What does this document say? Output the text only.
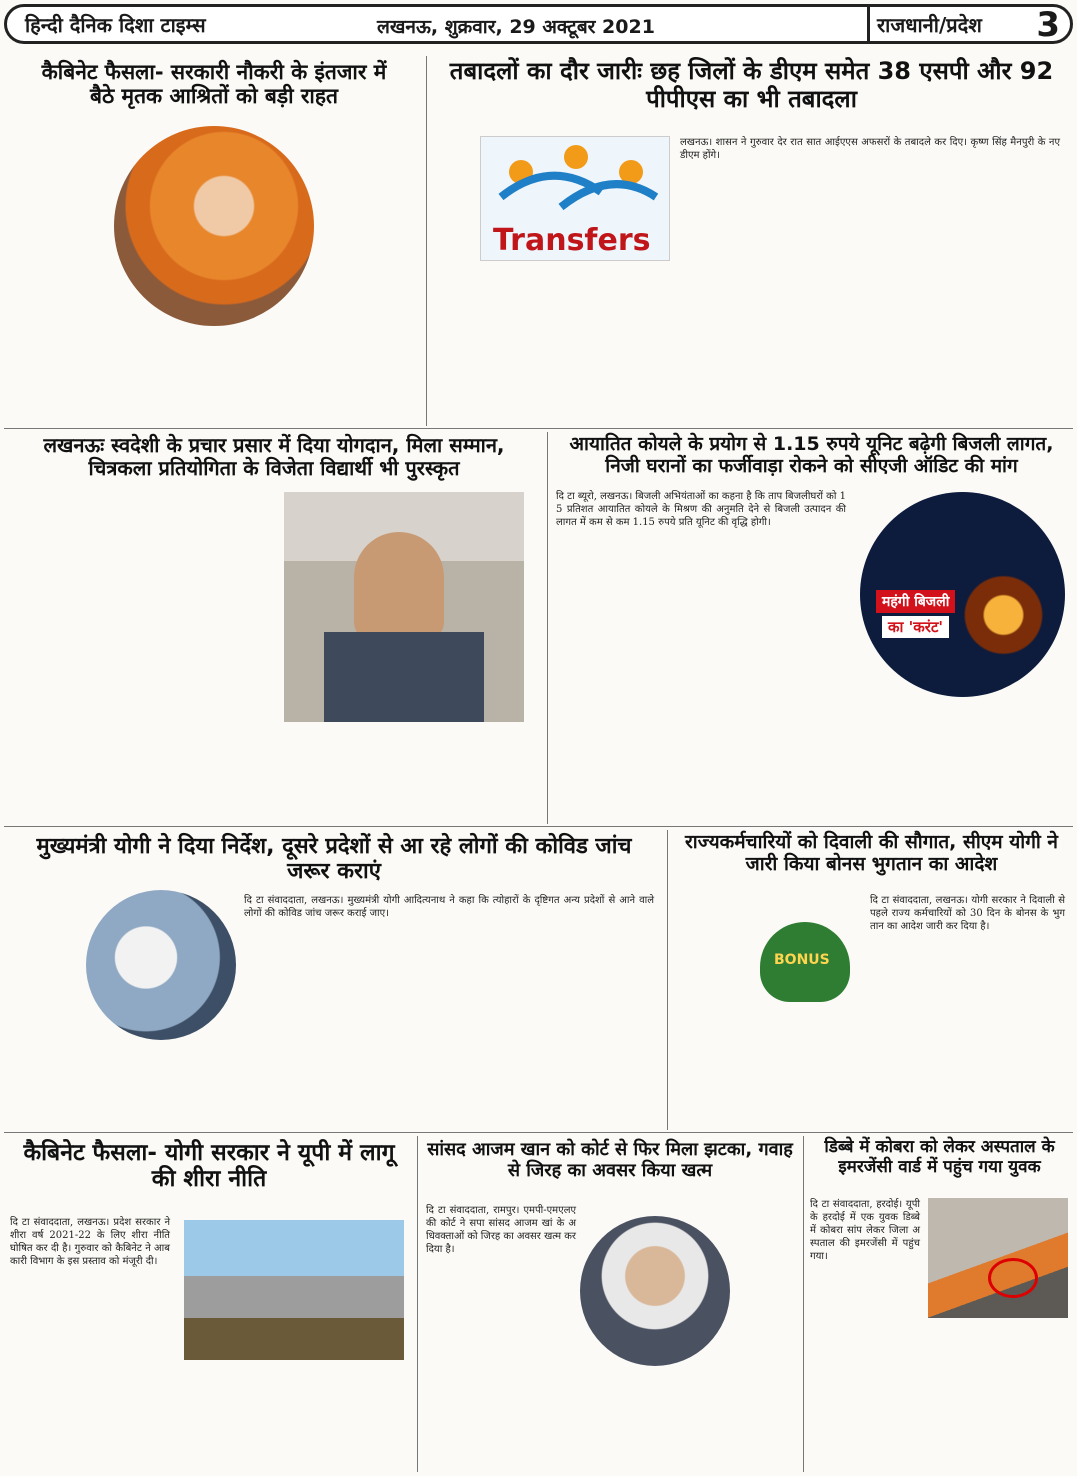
हिन्दी दैनिक दिशा टाइम्स	लखनऊ, शुक्रवार, 29 अक्टूबर 2021	राजधानी/प्रदेश 3
कैबिनेट फैसला- सरकारी नौकरी के इंतजार में बैठे मृतक आश्रितों को बड़ी राहत
तबादलों का दौर जारीः छह जिलों के डीएम समेत 38 एसपी और 92 पीपीएस का भी तबादला
Transfers
लखनऊ। शासन ने गुरुवार देर रात सात आईएएस अफसरों के तबादले कर दिए। कृष्ण सिंह मैनपुरी के नए डीएम होंगे।
लखनऊः स्वदेशी के प्रचार प्रसार में दिया योगदान, मिला सम्मान, चित्रकला प्रतियोगिता के विजेता विद्यार्थी भी पुरस्कृत
आयातित कोयले के प्रयोग से 1.15 रुपये यूनिट बढ़ेगी बिजली लागत, निजी घरानों का फर्जीवाड़ा रोकने को सीएजी ऑडिट की मांग
दि टा ब्यूरो, लखनऊ। बिजली अभियंताओं का कहना है कि ताप बिजलीघरों को 15 प्रतिशत आयातित कोयले के मिश्रण की अनुमति देने से बिजली उत्पादन की लागत में कम से कम 1.15 रुपये प्रति यूनिट की वृद्धि होगी।
महंगी बिजली
का 'करंट'
मुख्यमंत्री योगी ने दिया निर्देश, दूसरे प्रदेशों से आ रहे लोगों की कोविड जांच जरूर कराएं
दि टा संवाददाता, लखनऊ। मुख्यमंत्री योगी आदित्यनाथ ने कहा कि त्योहारों के दृष्टिगत अन्य प्रदेशों से आने वाले लोगों की कोविड जांच जरूर कराई जाए।
राज्यकर्मचारियों को दिवाली की सौगात, सीएम योगी ने जारी किया बोनस भुगतान का आदेश
BONUS
दि टा संवाददाता, लखनऊ। योगी सरकार ने दिवाली से पहले राज्य कर्मचारियों को 30 दिन के बोनस के भुगतान का आदेश जारी कर दिया है।
कैबिनेट फैसला- योगी सरकार ने यूपी में लागू की शीरा नीति
दि टा संवाददाता, लखनऊ। प्रदेश सरकार ने शीरा वर्ष 2021-22 के लिए शीरा नीति घोषित कर दी है। गुरुवार को कैबिनेट ने आबकारी विभाग के इस प्रस्ताव को मंजूरी दी।
सांसद आजम खान को कोर्ट से फिर मिला झटका, गवाह से जिरह का अवसर किया खत्म
दि टा संवाददाता, रामपुर। एमपी-एमएलए की कोर्ट ने सपा सांसद आजम खां के अधिवक्ताओं को जिरह का अवसर खत्म कर दिया है।
डिब्बे में कोबरा को लेकर अस्पताल के इमरजेंसी वार्ड में पहुंच गया युवक
दि टा संवाददाता, हरदोई। यूपी के हरदोई में एक युवक डिब्बे में कोबरा सांप लेकर जिला अस्पताल की इमरजेंसी में पहुंच गया।
